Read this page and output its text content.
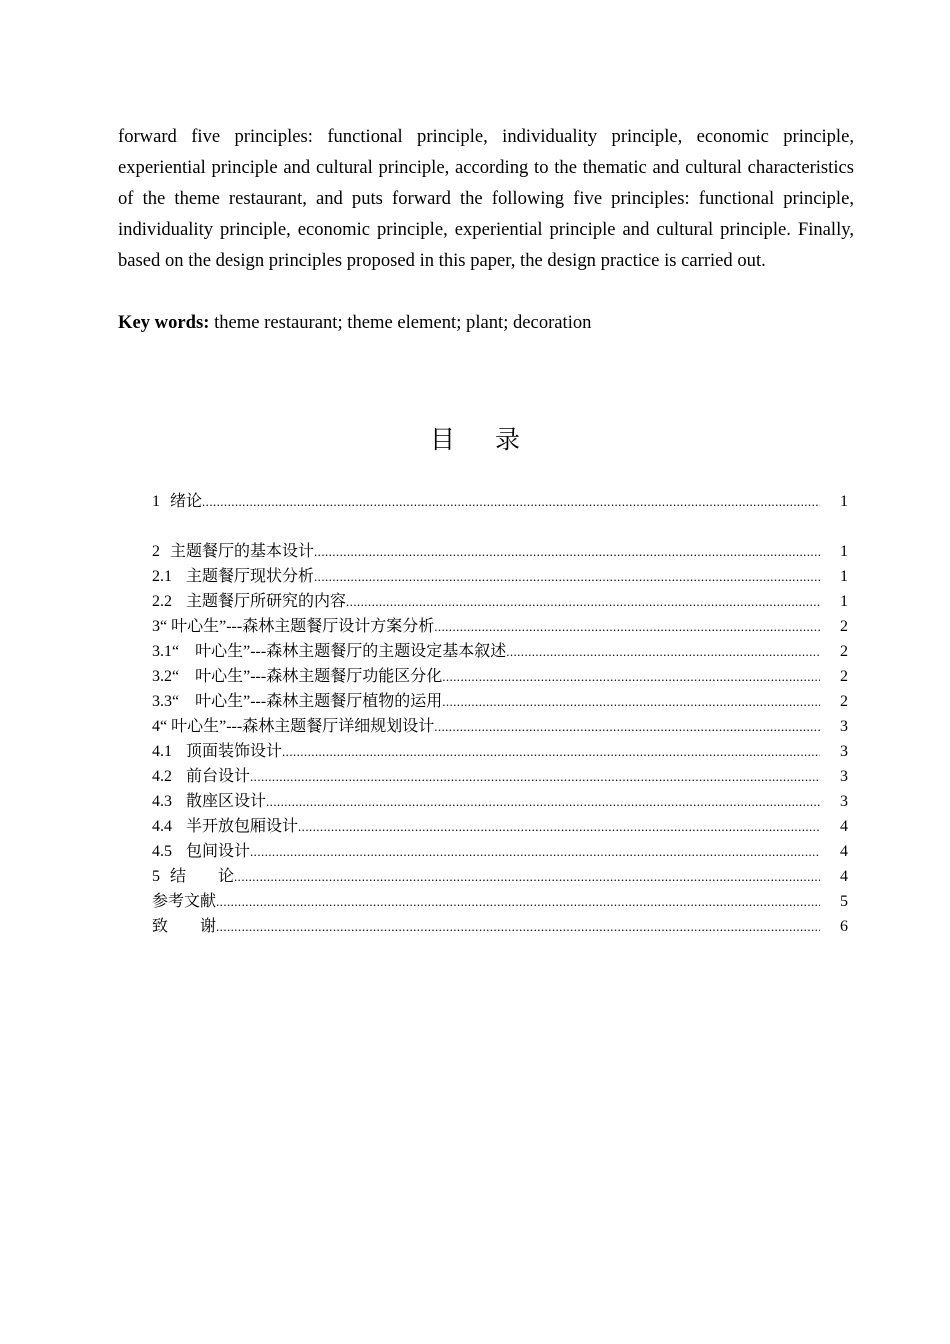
forward five principles: functional principle, individuality principle, economic principle, experiential principle and cultural principle, according to the thematic and cultural characteristics of the theme restaurant, and puts forward the following five principles: functional principle, individuality principle, economic principle, experiential principle and cultural principle. Finally, based on the design principles proposed in this paper, the design practice is carried out.

Key words: theme restaurant; theme element; plant; decoration

目 录
1 绪论 .....	1
2 主题餐厅的基本设计 .....	1
2.1 主题餐厅现状分析 .....	1
2.2 主题餐厅所研究的内容 .....	1
3 “ 叶心生”---森林主题餐厅设计方案分析 .....	2
3.1 “　叶心生”---森林主题餐厅的主题设定基本叙述 .....	2
3.2 “　叶心生”---森林主题餐厅功能区分化 .....	2
3.3 “　叶心生”---森林主题餐厅植物的运用 .....	2
4 “ 叶心生”---森林主题餐厅详细规划设计 .....	3
4.1 顶面装饰设计 .....	3
4.2 前台设计 .....	3
4.3 散座区设计 .....	3
4.4 半开放包厢设计 .....	4
4.5 包间设计 .....	4
5 结　　论 .....	4
参考文献 .....	5
致　　谢 .....	6
